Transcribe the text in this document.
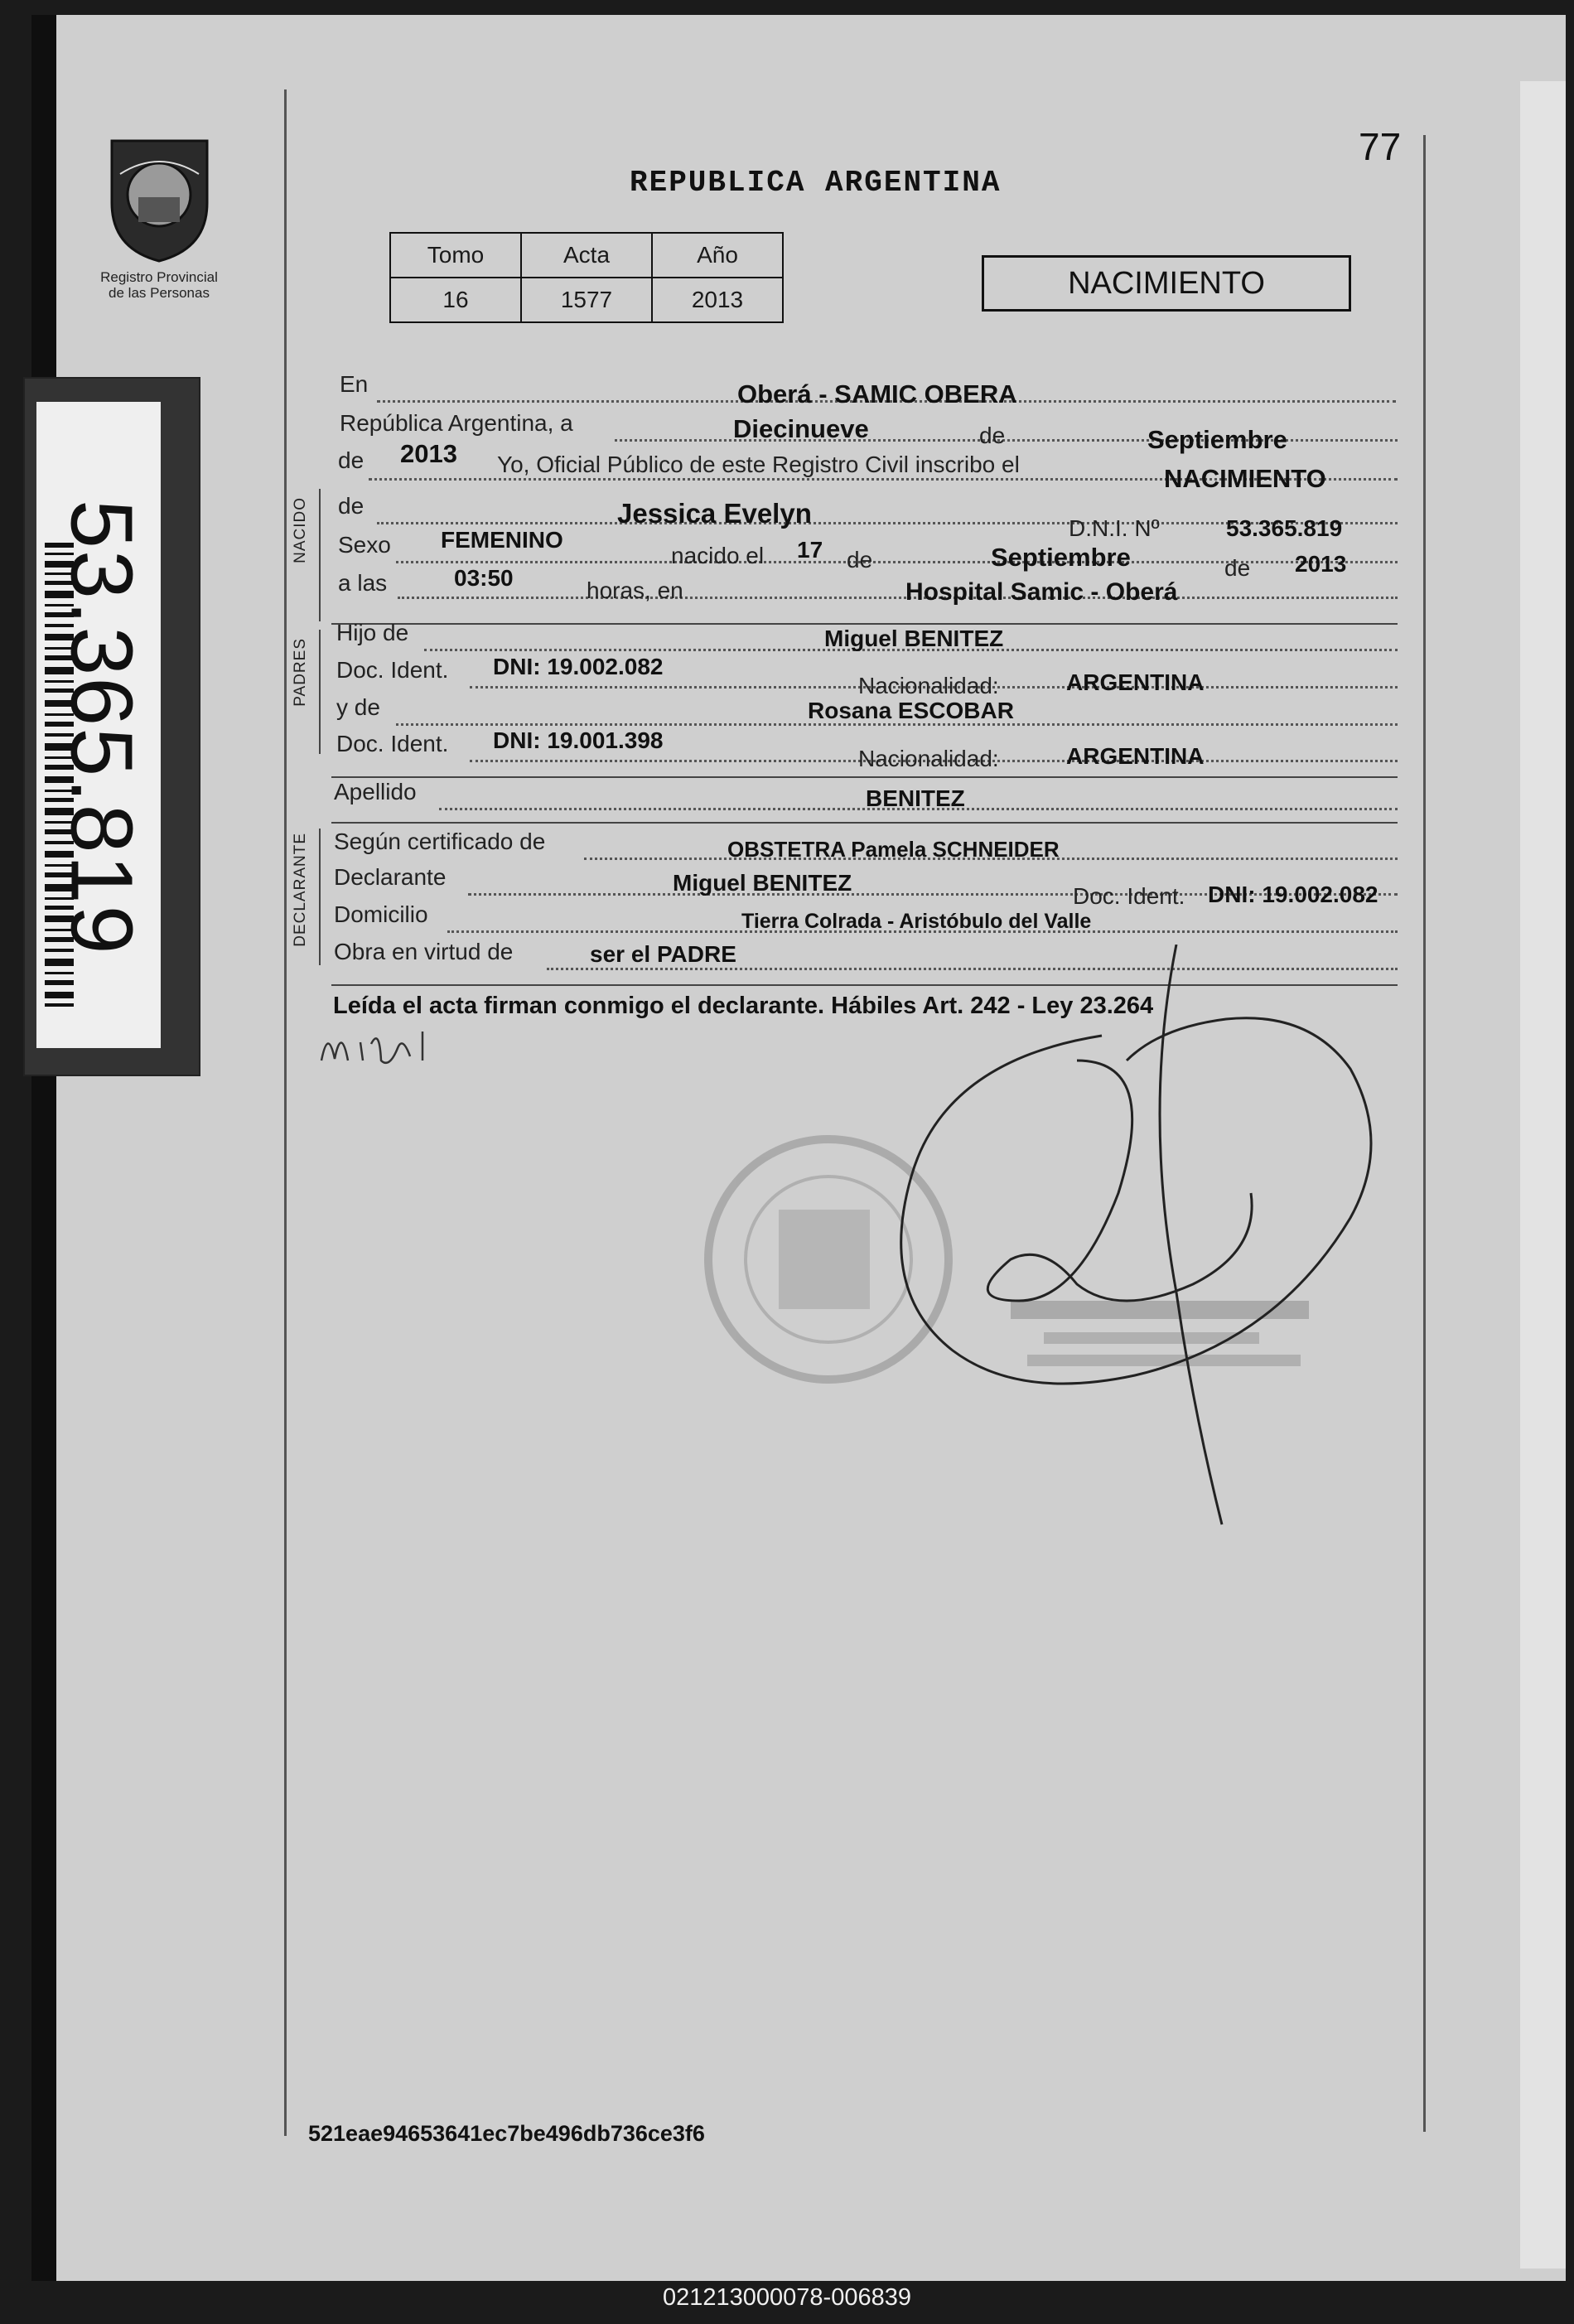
Registro Provincial
de las Personas
53.365.819
77
REPUBLICA ARGENTINA
Tomo	Acta	Año
16	1577	2013	NACIMIENTO
En	Oberá - SAMIC OBERA
República Argentina, a	Diecinueve	de	Septiembre
de 2013 Yo, Oficial Público de este Registro Civil inscribo el	NACIMIENTO
NACIDO de	Jessica Evelyn	D.N.I. Nº	53.365.819
Sexo FEMENINO
nacido el 17 de	Septiembre	de 2013
a las	03:50	horas, en	Hospital Samic - Oberá
PADRES
Hijo de	Miguel BENITEZ
Doc. Ident. DNI: 19.002.082
Nacionalidad:	ARGENTINA
y de	Rosana ESCOBAR
Doc. Ident. DNI: 19.001.398
Nacionalidad:	ARGENTINA
Apellido	BENITEZ
DECLARANTE Según certificado de	OBSTETRA Pamela SCHNEIDER
Declarante	Miguel BENITEZ
Doc. Ident. DNI: 19.002.082
Domicilio	Tierra Colrada - Aristóbulo del Valle
Obra en virtud de	ser el PADRE
Leída el acta firman conmigo el declarante. Hábiles Art. 242 - Ley 23.264
521eae94653641ec7be496db736ce3f6
021213000078-006839
